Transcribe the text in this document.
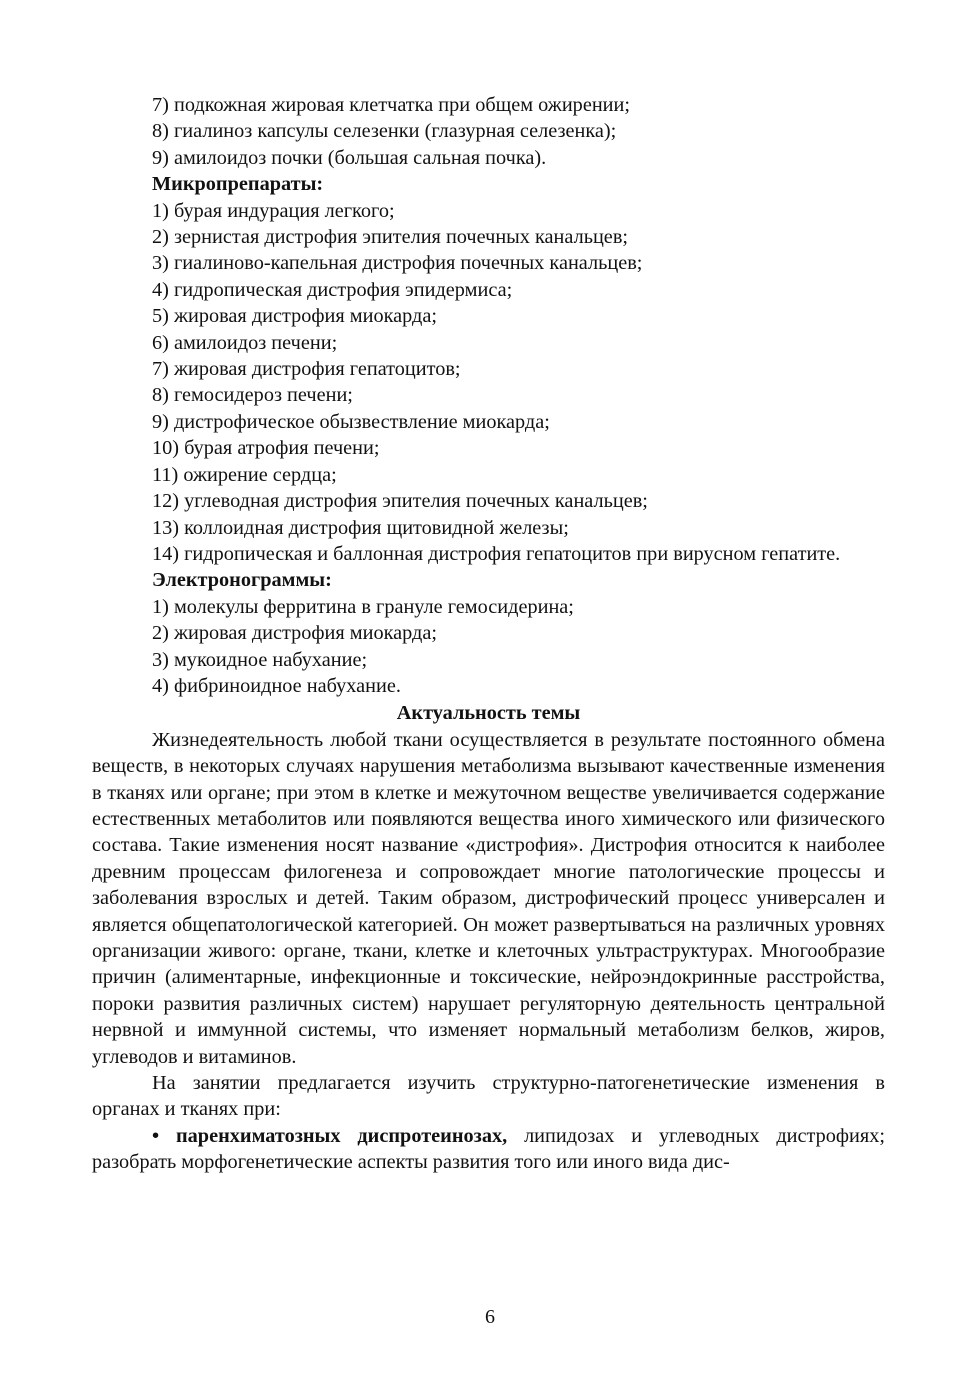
7) подкожная жировая клетчатка при общем ожирении;

8) гиалиноз капсулы селезенки (глазурная селезенка);

9) амилоидоз почки (большая сальная почка).

Микропрепараты:

1) бурая индурация легкого;

2) зернистая дистрофия эпителия почечных канальцев;

3) гиалиново-капельная дистрофия почечных канальцев;

4) гидропическая дистрофия эпидермиса;

5) жировая дистрофия миокарда;

6) амилоидоз печени;

7) жировая дистрофия гепатоцитов;

8) гемосидероз печени;

9) дистрофическое обызвествление миокарда;

10) бурая атрофия печени;

11) ожирение сердца;

12) углеводная дистрофия эпителия почечных канальцев;

13) коллоидная дистрофия щитовидной железы;

14) гидропическая и баллонная дистрофия гепатоцитов при вирусном гепатите.

Электронограммы:

1) молекулы ферритина в грануле гемосидерина;

2) жировая дистрофия миокарда;

3) мукоидное набухание;

4) фибриноидное набухание.

Актуальность темы

Жизнедеятельность любой ткани осуществляется в результате постоянного обмена веществ, в некоторых случаях нарушения метаболизма вызывают качественные изменения в тканях или органе; при этом в клетке и межуточном веществе увеличивается содержание естественных метаболитов или появляются вещества иного химического или физического состава. Такие изменения носят название «дистрофия». Дистрофия относится к наиболее древним процессам филогенеза и сопровождает многие патологические процессы и заболевания взрослых и детей. Таким образом, дистрофический процесс универсален и является общепатологической категорией. Он может развертываться на различных уровнях организации живого: органе, ткани, клетке и клеточных ультраструктурах. Многообразие причин (алиментарные, инфекционные и токсические, нейроэндокринные расстройства, пороки развития различных систем) нарушает регуляторную деятельность центральной нервной и иммунной системы, что изменяет нормальный метаболизм белков, жиров, углеводов и витаминов.

На занятии предлагается изучить структурно-патогенетические изменения в органах и тканях при:

• паренхиматозных диспротеинозах, липидозах и углеводных дистрофиях; разобрать морфогенетические аспекты развития того или иного вида дис-

6
